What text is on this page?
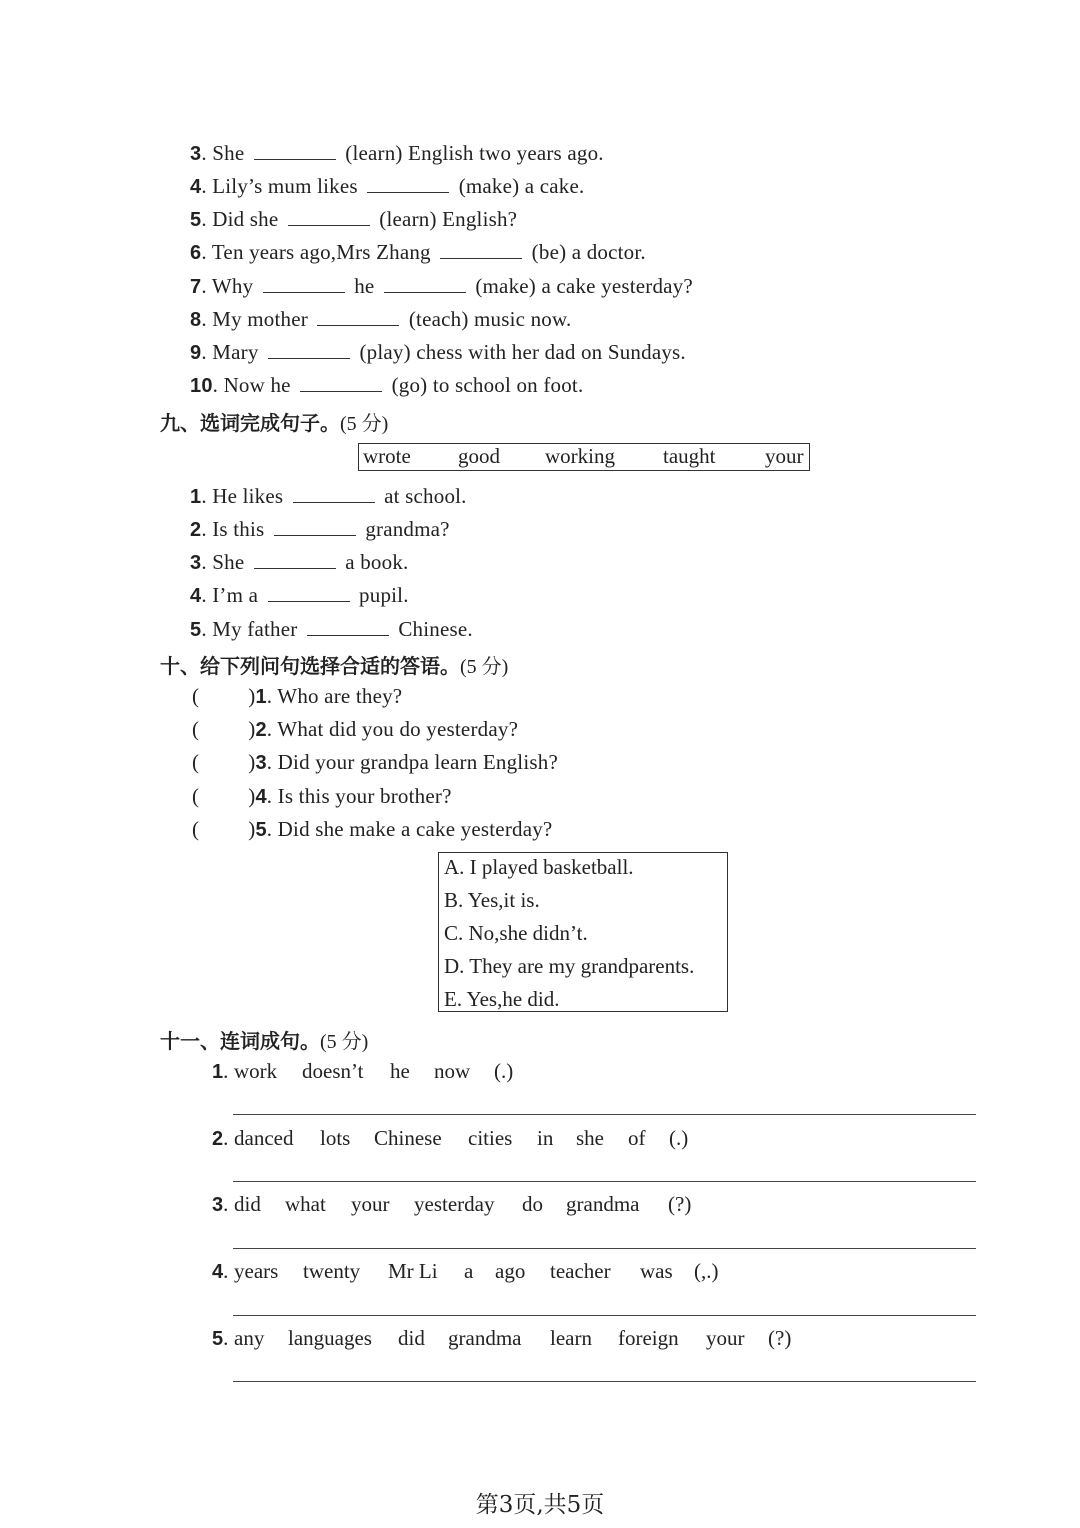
3. She	(learn) English two years ago.
4. Lily’s mum likes	(make) a cake.
5. Did she	(learn) English?
6. Ten years ago,Mrs Zhang	(be) a doctor.
7. Why	he	(make) a cake yesterday?
8. My mother	(teach) music now.
9. Mary	(play) chess with her dad on Sundays.
10. Now he	(go) to school on foot.
九、选词完成句子。(5 分)
wrote good working taught your
1. He likes	at school.
2. Is this	grandma?
3. She	a book.
4. I’m a	pupil.
5. My father	Chinese.
十、给下列问句选择合适的答语。(5 分)
(         )1. Who are they?
(         )2. What did you do yesterday?
(         )3. Did your grandpa learn English?
(         )4. Is this your brother?
(         )5. Did she make a cake yesterday?
A. I played basketball.
B. Yes,it is.
C. No,she didn’t.
D. They are my grandparents.
E. Yes,he did.
十一、连词成句。(5 分)
1. work doesn’t he now (.)
2. danced lots Chinese cities in she of (.)
3. did what your yesterday do grandma (?)
4. years twenty Mr Li a ago teacher was (,.)
5. any languages did grandma learn foreign your (?)
第3页,共5页
